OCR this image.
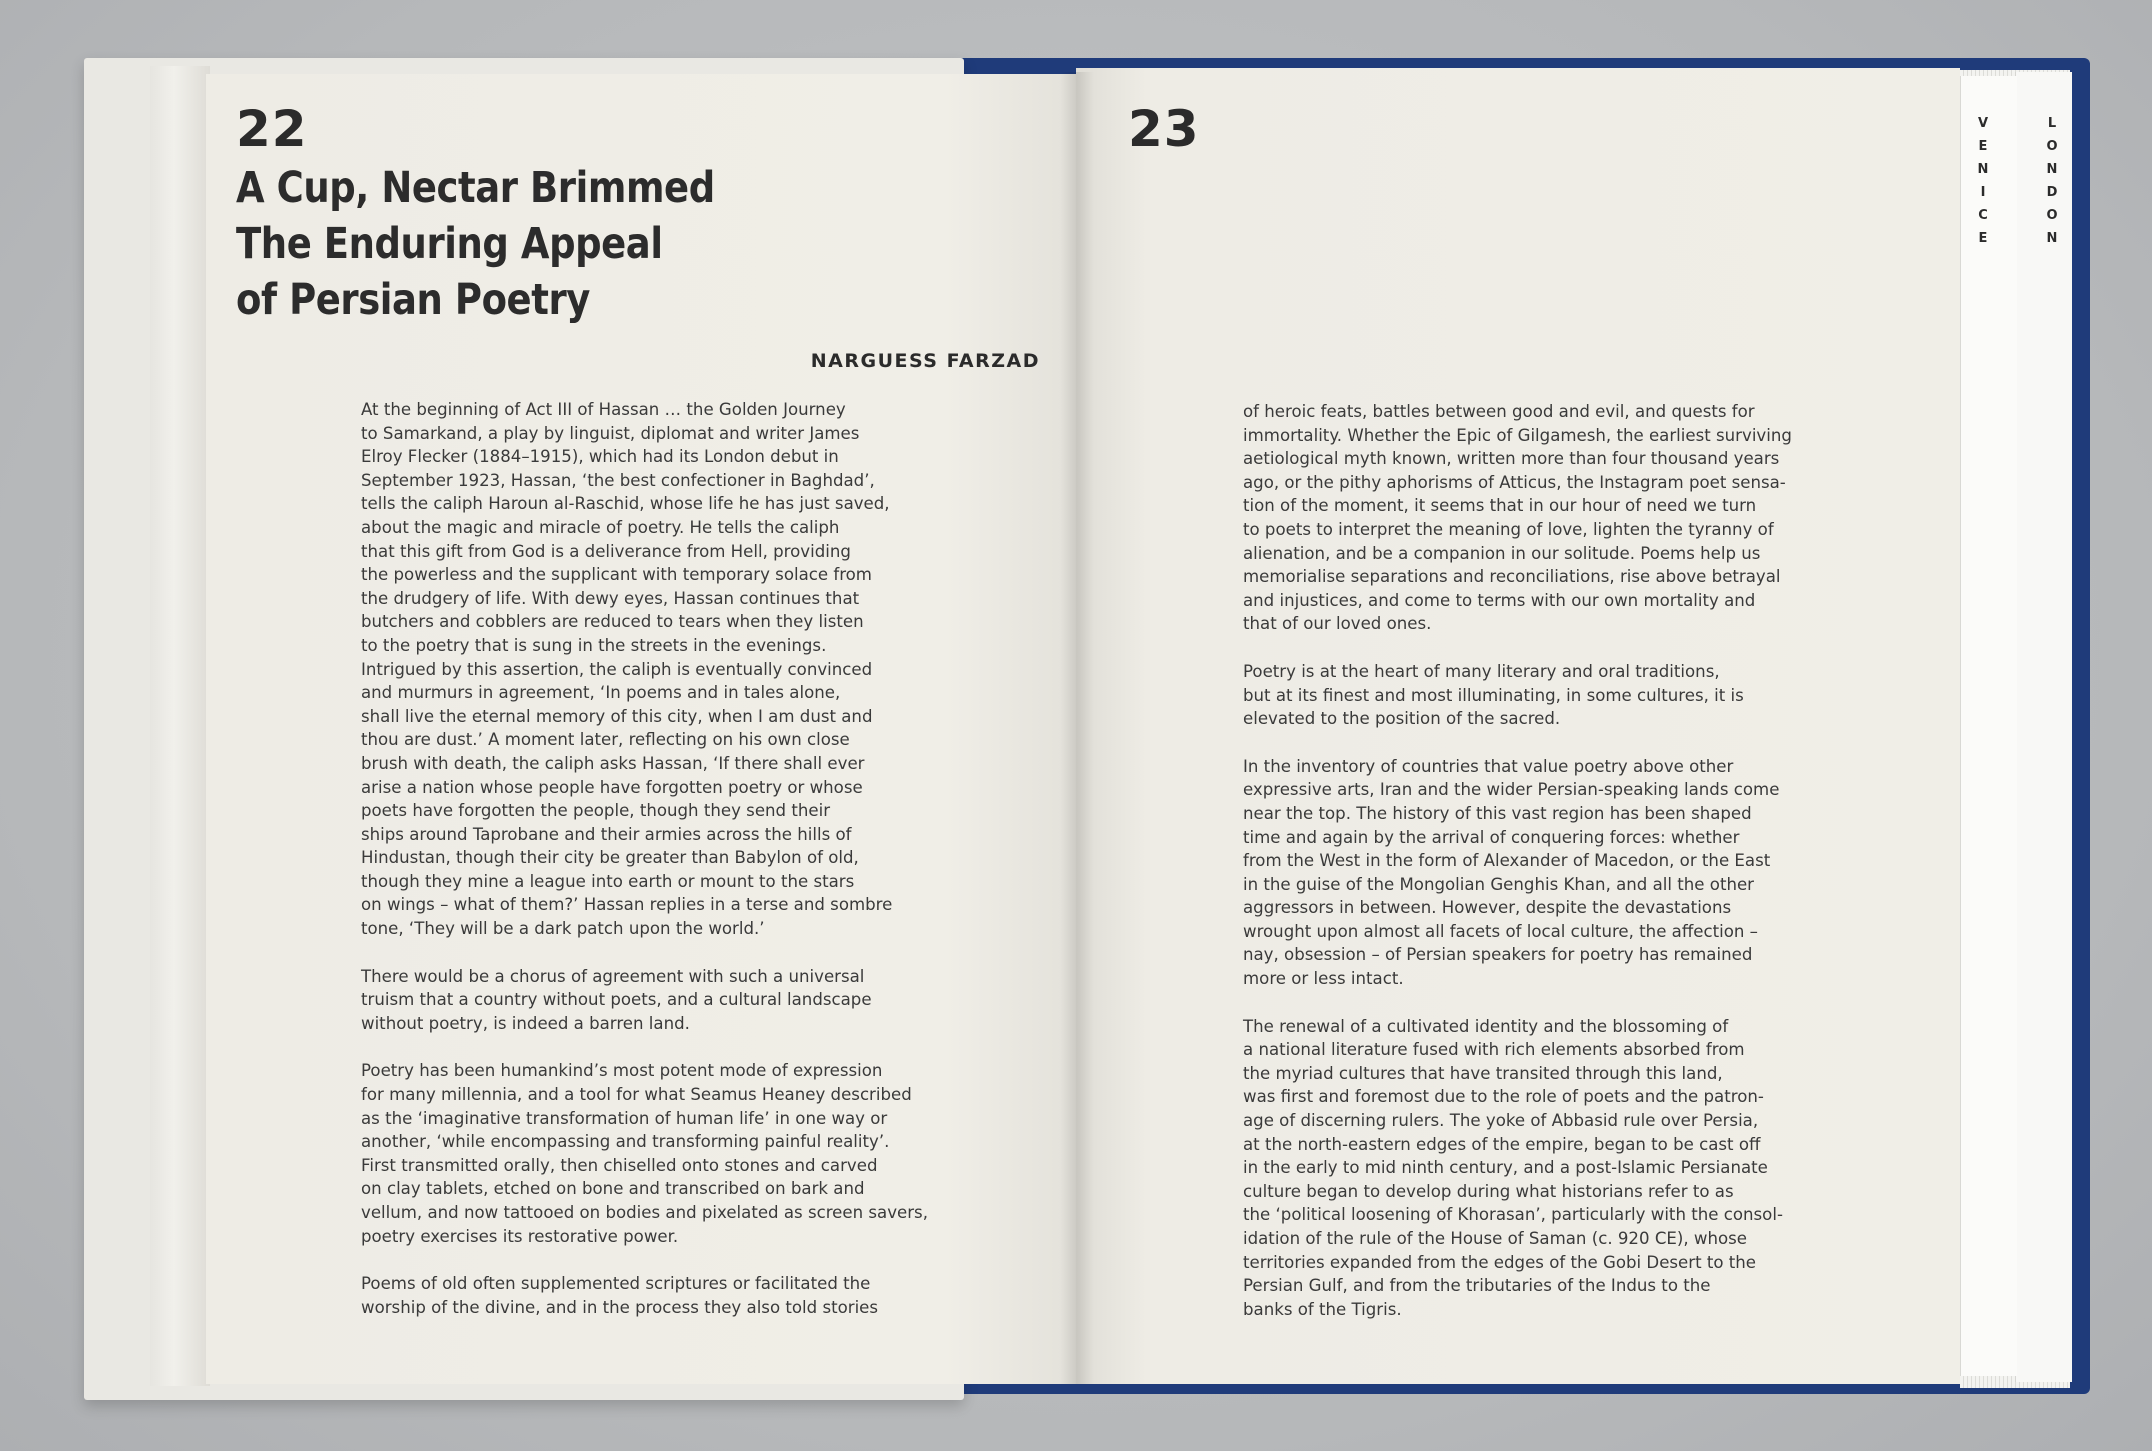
22
A Cup, Nectar Brimmed
The Enduring Appeal
of Persian Poetry
NARGUESS FARZAD

At the beginning of Act III of Hassan … the Golden Journey
to Samarkand, a play by linguist, diplomat and writer James
Elroy Flecker (1884–1915), which had its London debut in
September 1923, Hassan, ‘the best confectioner in Baghdad’,
tells the caliph Haroun al-Raschid, whose life he has just saved,
about the magic and miracle of poetry. He tells the caliph
that this gift from God is a deliverance from Hell, providing
the powerless and the supplicant with temporary solace from
the drudgery of life. With dewy eyes, Hassan continues that
butchers and cobblers are reduced to tears when they listen
to the poetry that is sung in the streets in the evenings.
Intrigued by this assertion, the caliph is eventually convinced
and murmurs in agreement, ‘In poems and in tales alone,
shall live the eternal memory of this city, when I am dust and
thou are dust.’ A moment later, reflecting on his own close
brush with death, the caliph asks Hassan, ‘If there shall ever
arise a nation whose people have forgotten poetry or whose
poets have forgotten the people, though they send their
ships around Taprobane and their armies across the hills of
Hindustan, though their city be greater than Babylon of old,
though they mine a league into earth or mount to the stars
on wings – what of them?’ Hassan replies in a terse and sombre
tone, ‘They will be a dark patch upon the world.’

There would be a chorus of agreement with such a universal
truism that a country without poets, and a cultural landscape
without poetry, is indeed a barren land.

Poetry has been humankind’s most potent mode of expression
for many millennia, and a tool for what Seamus Heaney described
as the ‘imaginative transformation of human life’ in one way or
another, ‘while encompassing and transforming painful reality’.
First transmitted orally, then chiselled onto stones and carved
on clay tablets, etched on bone and transcribed on bark and
vellum, and now tattooed on bodies and pixelated as screen savers,
poetry exercises its restorative power.

Poems of old often supplemented scriptures or facilitated the
worship of the divine, and in the process they also told stories

23

of heroic feats, battles between good and evil, and quests for
immortality. Whether the Epic of Gilgamesh, the earliest surviving
aetiological myth known, written more than four thousand years
ago, or the pithy aphorisms of Atticus, the Instagram poet sensa-
tion of the moment, it seems that in our hour of need we turn
to poets to interpret the meaning of love, lighten the tyranny of
alienation, and be a companion in our solitude. Poems help us
memorialise separations and reconciliations, rise above betrayal
and injustices, and come to terms with our own mortality and
that of our loved ones.

Poetry is at the heart of many literary and oral traditions,
but at its finest and most illuminating, in some cultures, it is
elevated to the position of the sacred.

In the inventory of countries that value poetry above other
expressive arts, Iran and the wider Persian-speaking lands come
near the top. The history of this vast region has been shaped
time and again by the arrival of conquering forces: whether
from the West in the form of Alexander of Macedon, or the East
in the guise of the Mongolian Genghis Khan, and all the other
aggressors in between. However, despite the devastations
wrought upon almost all facets of local culture, the affection –
nay, obsession – of Persian speakers for poetry has remained
more or less intact.

The renewal of a cultivated identity and the blossoming of
a national literature fused with rich elements absorbed from
the myriad cultures that have transited through this land,
was first and foremost due to the role of poets and the patron-
age of discerning rulers. The yoke of Abbasid rule over Persia,
at the north-eastern edges of the empire, began to be cast off
in the early to mid ninth century, and a post-Islamic Persianate
culture began to develop during what historians refer to as
the ‘political loosening of Khorasan’, particularly with the consol-
idation of the rule of the House of Saman (c. 920 CE), whose
territories expanded from the edges of the Gobi Desert to the
Persian Gulf, and from the tributaries of the Indus to the
banks of the Tigris.

V
E
N
I
C
E
L
O
N
D
O
N
